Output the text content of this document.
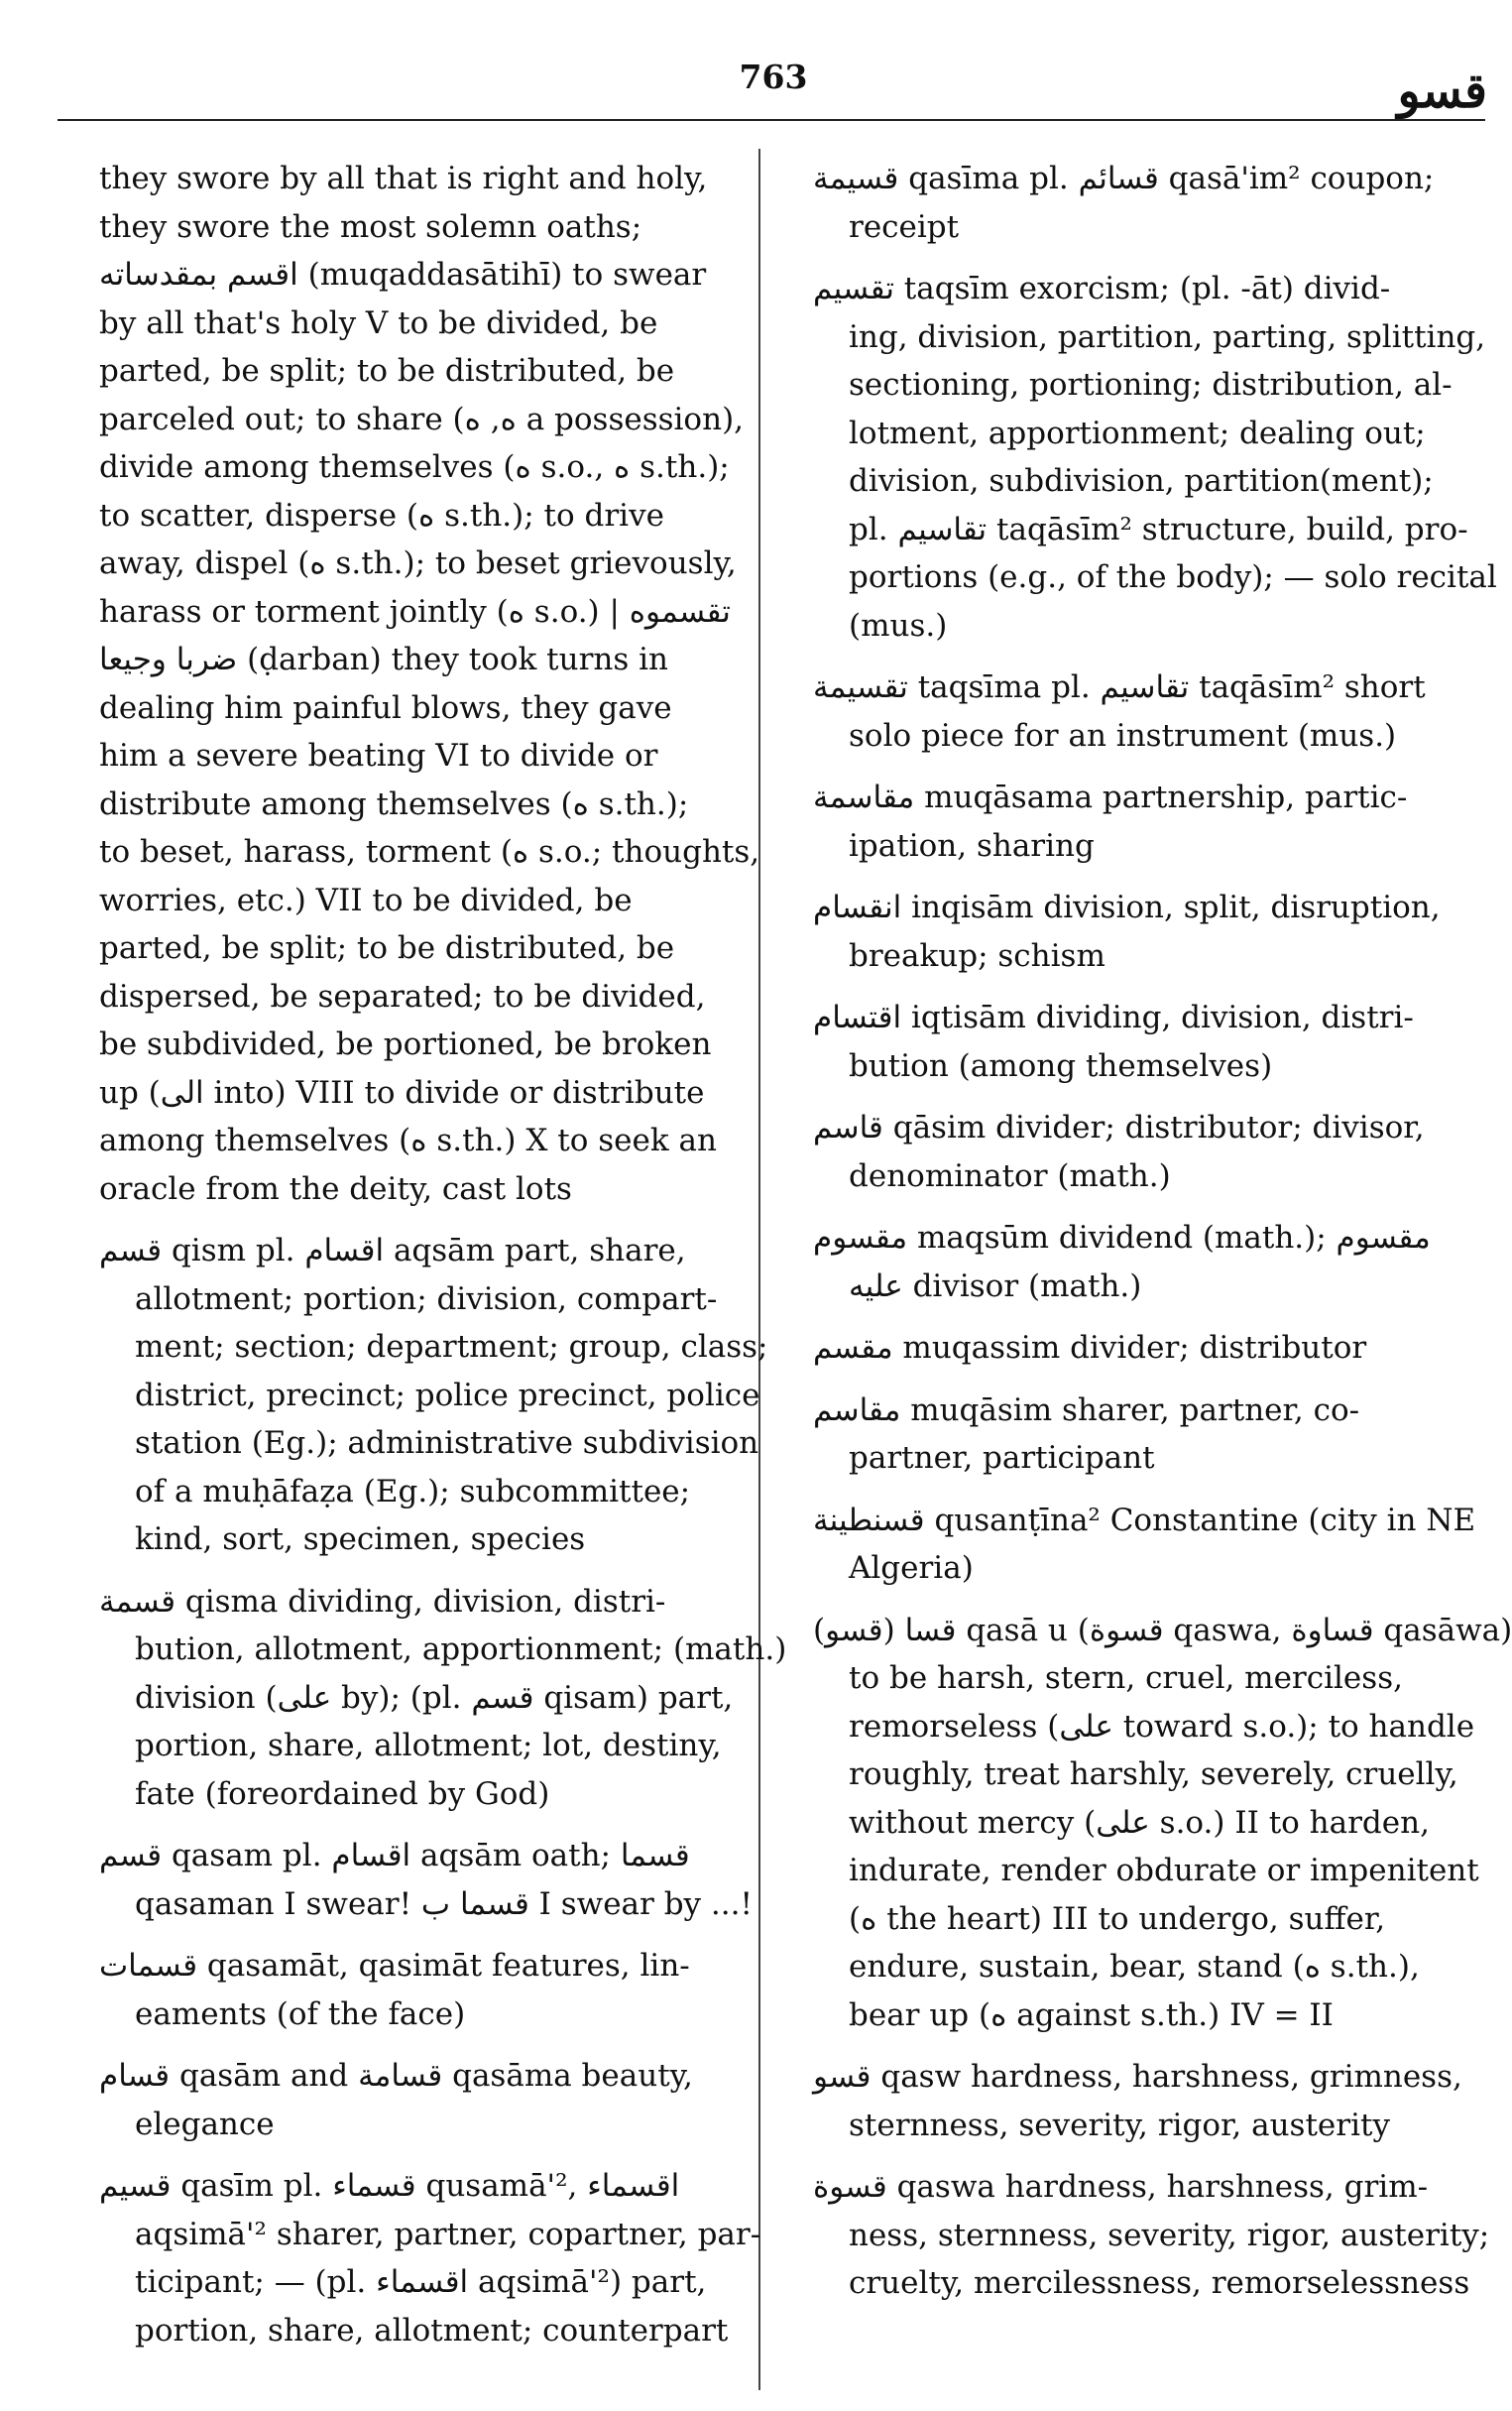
763	قسو
they swore by all that is right and holy,
they swore the most solemn oaths;
اقسم بمقدساته (muqaddasātihī) to swear
by all that's holy V to be divided, be
parted, be split; to be distributed, be
parceled out; to share (ه, ه a possession),
divide among themselves (ه s.o., ه s.th.);
to scatter, disperse (ه s.th.); to drive
away, dispel (ه s.th.); to beset grievously,
harass or torment jointly (ه s.o.) | تقسموه
ضربا وجيعا (ḍarban) they took turns in
dealing him painful blows, they gave
him a severe beating VI to divide or
distribute among themselves (ه s.th.);
to beset, harass, torment (ه s.o.; thoughts,
worries, etc.) VII to be divided, be
parted, be split; to be distributed, be
dispersed, be separated; to be divided,
be subdivided, be portioned, be broken
up (الى into) VIII to divide or distribute
among themselves (ه s.th.) X to seek an
oracle from the deity, cast lots
قسم qism pl. اقسام aqsām part, share,
allotment; portion; division, compart-
ment; section; department; group, class;
district, precinct; police precinct, police
station (Eg.); administrative subdivision
of a muḥāfaẓa (Eg.); subcommittee;
kind, sort, specimen, species
قسمة qisma dividing, division, distri-
bution, allotment, apportionment; (math.)
division (على by); (pl. قسم qisam) part,
portion, share, allotment; lot, destiny,
fate (foreordained by God)
قسم qasam pl. اقسام aqsām oath; قسما
qasaman I swear! قسما ب I swear by ...!
قسمات qasamāt, qasimāt features, lin-
eaments (of the face)
قسام qasām and قسامة qasāma beauty,
elegance
قسيم qasīm pl. قسماء qusamā'², اقسماء
aqsimā'² sharer, partner, copartner, par-
ticipant; — (pl. اقسماء aqsimā'²) part,
portion, share, allotment; counterpart
قسيمة qasīma pl. قسائم qasā'im² coupon;
receipt
تقسيم taqsīm exorcism; (pl. -āt) divid-
ing, division, partition, parting, splitting,
sectioning, portioning; distribution, al-
lotment, apportionment; dealing out;
division, subdivision, partition(ment);
pl. تقاسيم taqāsīm² structure, build, pro-
portions (e.g., of the body); — solo recital
(mus.)
تقسيمة taqsīma pl. تقاسيم taqāsīm² short
solo piece for an instrument (mus.)
مقاسمة muqāsama partnership, partic-
ipation, sharing
انقسام inqisām division, split, disruption,
breakup; schism
اقتسام iqtisām dividing, division, distri-
bution (among themselves)
قاسم qāsim divider; distributor; divisor,
denominator (math.)
مقسوم maqsūm dividend (math.); مقسوم
عليه divisor (math.)
مقسم muqassim divider; distributor
مقاسم muqāsim sharer, partner, co-
partner, participant
قسنطينة qusanṭīna² Constantine (city in NE
Algeria)
(قسو) قسا qasā u (قسوة qaswa, قساوة qasāwa)
to be harsh, stern, cruel, merciless,
remorseless (على toward s.o.); to handle
roughly, treat harshly, severely, cruelly,
without mercy (على s.o.) II to harden,
indurate, render obdurate or impenitent
(ه the heart) III to undergo, suffer,
endure, sustain, bear, stand (ه s.th.),
bear up (ه against s.th.) IV = II
قسو qasw hardness, harshness, grimness,
sternness, severity, rigor, austerity
قسوة qaswa hardness, harshness, grim-
ness, sternness, severity, rigor, austerity;
cruelty, mercilessness, remorselessness
